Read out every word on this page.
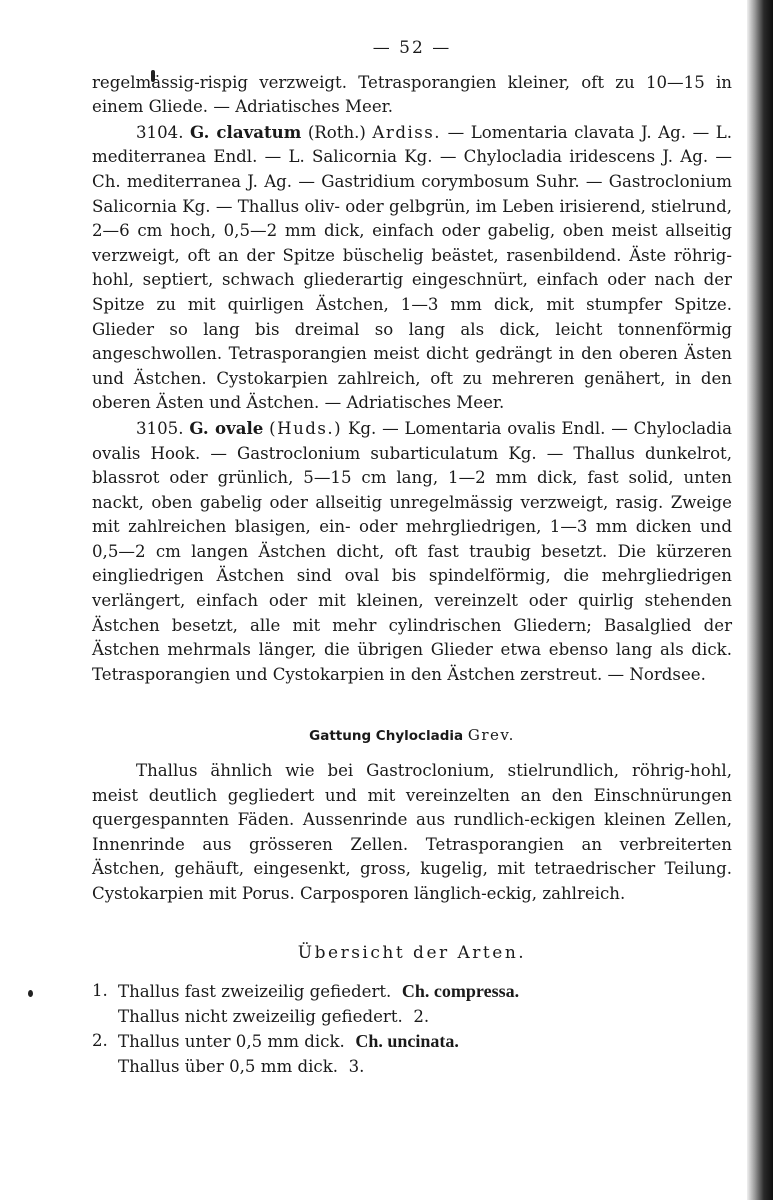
— 52 —

regelmässig-rispig verzweigt. Tetrasporangien kleiner, oft zu 10—15 in einem Gliede. — Adriatisches Meer.

3104. G. clavatum (Roth.) Ardiss. — Lomentaria clavata J. Ag. — L. mediterranea Endl. — L. Salicornia Kg. — Chylocladia iridescens J. Ag. — Ch. mediterranea J. Ag. — Gastridium corymbosum Suhr. — Gastroclonium Salicornia Kg. — Thallus oliv- oder gelbgrün, im Leben irisierend, stielrund, 2—6 cm hoch, 0,5—2 mm dick, einfach oder gabelig, oben meist allseitig verzweigt, oft an der Spitze büschelig beästet, rasenbildend. Äste röhrig-hohl, septiert, schwach gliederartig eingeschnürt, einfach oder nach der Spitze zu mit quirligen Ästchen, 1—3 mm dick, mit stumpfer Spitze. Glieder so lang bis dreimal so lang als dick, leicht tonnenförmig angeschwollen. Tetrasporangien meist dicht gedrängt in den oberen Ästen und Ästchen. Cystokarpien zahlreich, oft zu mehreren genähert, in den oberen Ästen und Ästchen. — Adriatisches Meer.

3105. G. ovale (Huds.) Kg. — Lomentaria ovalis Endl. — Chylocladia ovalis Hook. — Gastroclonium subarticulatum Kg. — Thallus dunkelrot, blassrot oder grünlich, 5—15 cm lang, 1—2 mm dick, fast solid, unten nackt, oben gabelig oder allseitig unregelmässig verzweigt, rasig. Zweige mit zahlreichen blasigen, ein- oder mehrgliedrigen, 1—3 mm dicken und 0,5—2 cm langen Ästchen dicht, oft fast traubig besetzt. Die kürzeren eingliedrigen Ästchen sind oval bis spindelförmig, die mehrgliedrigen verlängert, einfach oder mit kleinen, vereinzelt oder quirlig stehenden Ästchen besetzt, alle mit mehr cylindrischen Gliedern; Basalglied der Ästchen mehrmals länger, die übrigen Glieder etwa ebenso lang als dick. Tetrasporangien und Cystokarpien in den Ästchen zerstreut. — Nordsee.

Gattung Chylocladia Grev.

Thallus ähnlich wie bei Gastroclonium, stielrundlich, röhrig-hohl, meist deutlich gegliedert und mit vereinzelten an den Einschnürungen quergespannten Fäden. Aussenrinde aus rundlich-eckigen kleinen Zellen, Innenrinde aus grösseren Zellen. Tetrasporangien an verbreiterten Ästchen, gehäuft, eingesenkt, gross, kugelig, mit tetraedrischer Teilung. Cystokarpien mit Porus. Carposporen länglich-eckig, zahlreich.

Übersicht der Arten.
1. Thallus fast zweizeilig gefiedert. Ch. compressa.
Thallus nicht zweizeilig gefiedert. 2.
2. Thallus unter 0,5 mm dick. Ch. uncinata.
Thallus über 0,5 mm dick. 3.
